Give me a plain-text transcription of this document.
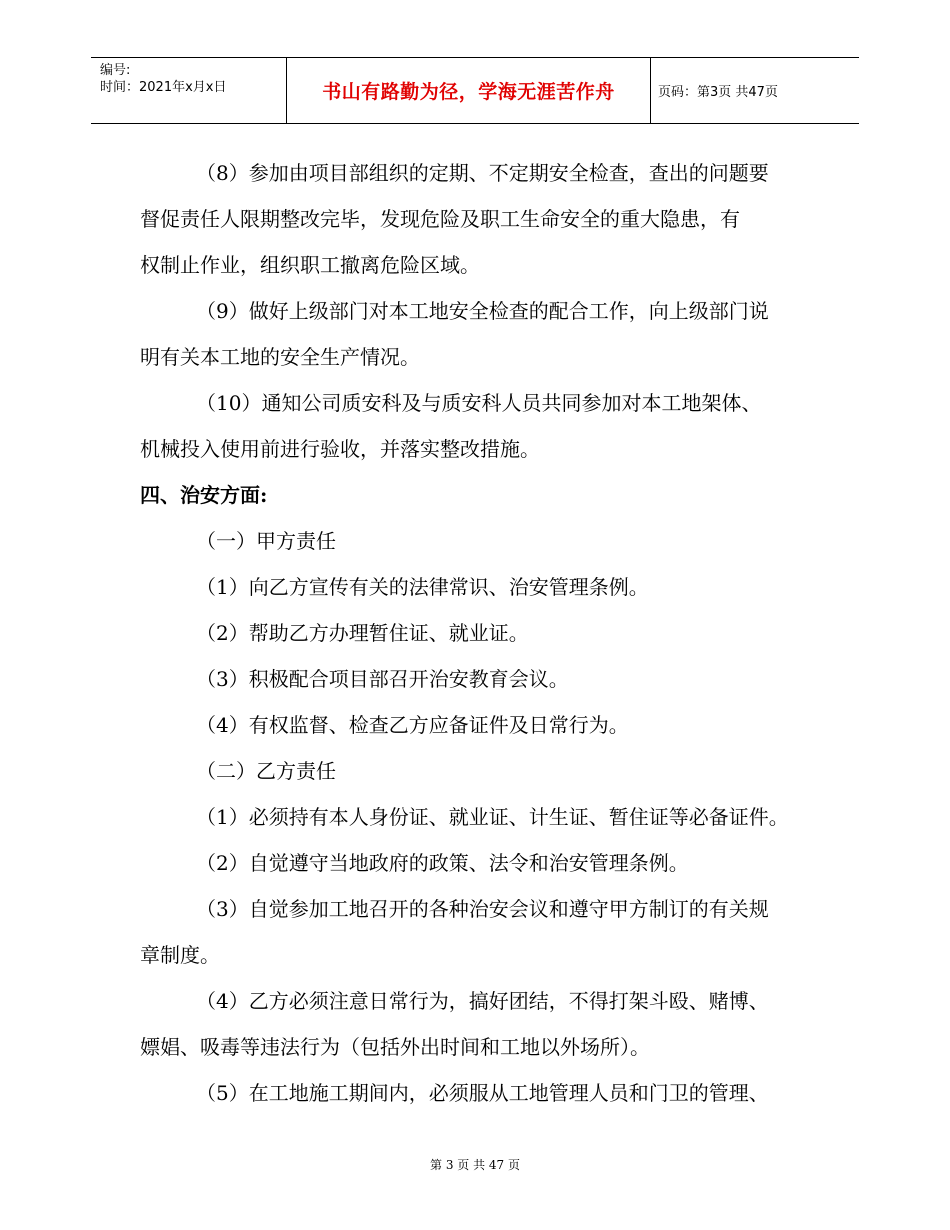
编号:
时间：2021年x月x日	书山有路勤为径，学海无涯苦作舟	页码：第3页 共47页

（8）参加由项目部组织的定期、不定期安全检查，查出的问题要

督促责任人限期整改完毕，发现危险及职工生命安全的重大隐患，有

权制止作业，组织职工撤离危险区域。

（9）做好上级部门对本工地安全检查的配合工作，向上级部门说

明有关本工地的安全生产情况。

（10）通知公司质安科及与质安科人员共同参加对本工地架体、

机械投入使用前进行验收，并落实整改措施。

四、治安方面:

（一）甲方责任

（1）向乙方宣传有关的法律常识、治安管理条例。

（2）帮助乙方办理暂住证、就业证。

（3）积极配合项目部召开治安教育会议。

（4）有权监督、检查乙方应备证件及日常行为。

（二）乙方责任

（1）必须持有本人身份证、就业证、计生证、暂住证等必备证件。

（2）自觉遵守当地政府的政策、法令和治安管理条例。

（3）自觉参加工地召开的各种治安会议和遵守甲方制订的有关规

章制度。

（4）乙方必须注意日常行为，搞好团结，不得打架斗殴、赌博、

嫖娼、吸毒等违法行为（包括外出时间和工地以外场所）。

（5）在工地施工期间内，必须服从工地管理人员和门卫的管理、

第 3 页 共 47 页
